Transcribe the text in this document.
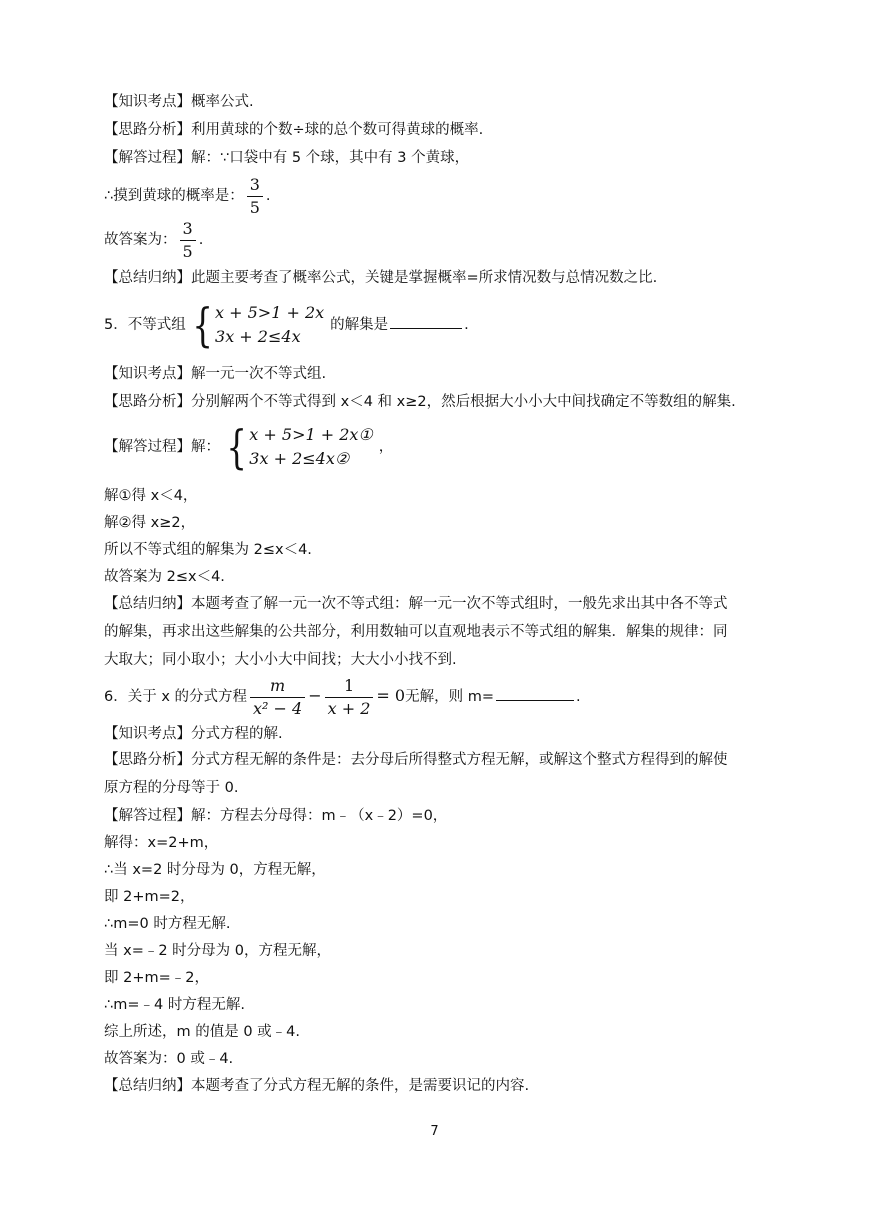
【知识考点】概率公式.
【思路分析】利用黄球的个数÷球的总个数可得黄球的概率.
【解答过程】解：∵口袋中有 5 个球，其中有 3 个黄球，
∴摸到黄球的概率是： $\frac{3}{5}$ .
故答案为： $\frac{3}{5}$ .
【总结归纳】此题主要考查了概率公式，关键是掌握概率=所求情况数与总情况数之比.
5．不等式组 { x + 5>1 + 2x
3x + 2≤4x
的解集是	.
【知识考点】解一元一次不等式组.
【思路分析】分别解两个不等式得到 x＜4 和 x≥2，然后根据大小小大中间找确定不等数组的解集.
【解答过程】解： { x + 5>1 + 2x①
3x + 2≤4x②
，
解①得 x＜4，
解②得 x≥2，
所以不等式组的解集为 2≤x＜4.
故答案为 2≤x＜4.
【总结归纳】本题考查了解一元一次不等式组：解一元一次不等式组时，一般先求出其中各不等式
的解集，再求出这些解集的公共部分，利用数轴可以直观地表示不等式组的解集．解集的规律：同
大取大；同小取小；大小小大中间找；大大小小找不到.
6．关于 x 的分式方程 $\frac{m}{\text{x² − 4}} - \frac{1}{x + 2} = 0$无解，则 m=	.
【知识考点】分式方程的解.
【思路分析】分式方程无解的条件是：去分母后所得整式方程无解，或解这个整式方程得到的解使
原方程的分母等于 0.
【解答过程】解：方程去分母得：m﹣（x﹣2）=0，
解得：x=2+m，
∴当 x=2 时分母为 0，方程无解，
即 2+m=2，
∴m=0 时方程无解.
当 x=﹣2 时分母为 0，方程无解，
即 2+m=﹣2，
∴m=﹣4 时方程无解.
综上所述，m 的值是 0 或﹣4.
故答案为：0 或﹣4.
【总结归纳】本题考查了分式方程无解的条件，是需要识记的内容.
7
